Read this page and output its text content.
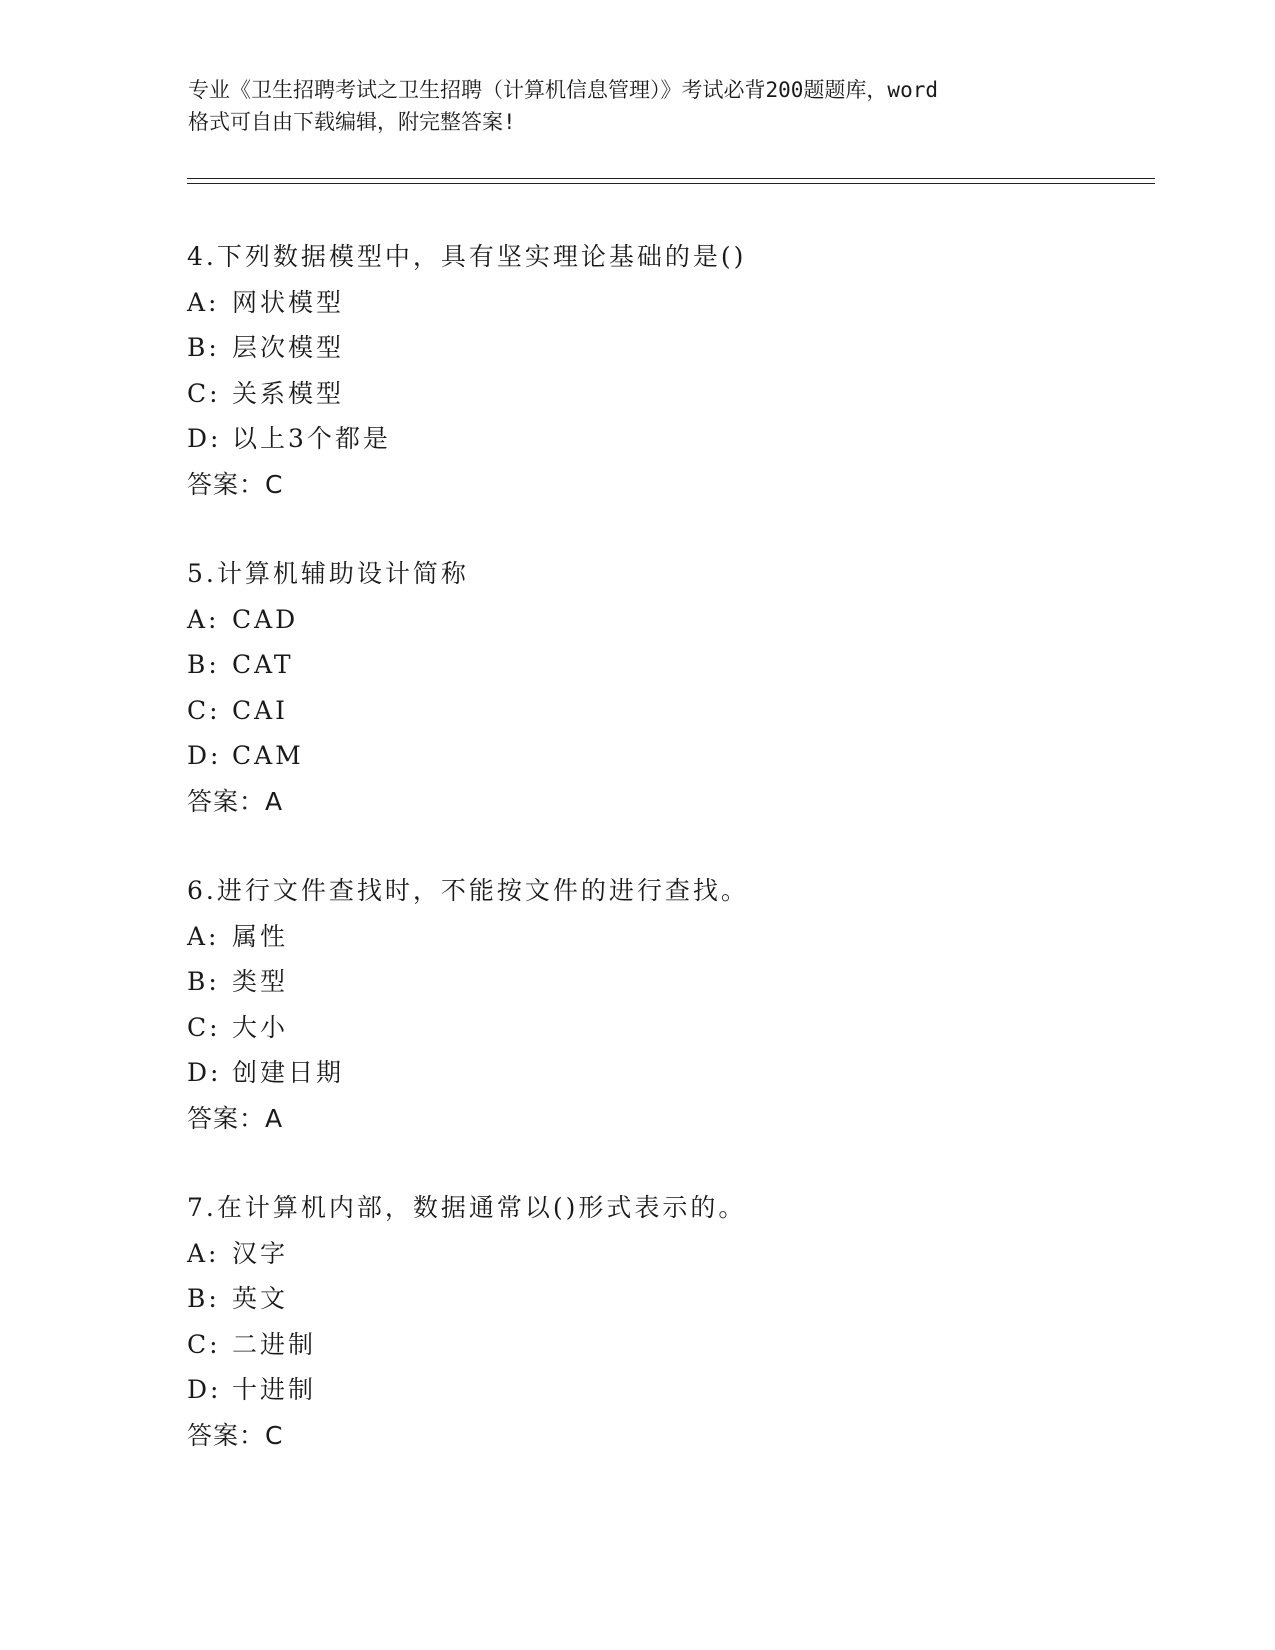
专业《卫生招聘考试之卫生招聘（计算机信息管理）》考试必背200题题库，word
格式可自由下载编辑，附完整答案!
4.下列数据模型中，具有坚实理论基础的是()
A: 网状模型
B: 层次模型
C: 关系模型
D: 以上3个都是
答案：C
5.计算机辅助设计简称
A: CAD
B: CAT
C: CAI
D: CAM
答案：A
6.进行文件查找时，不能按文件的进行查找。
A: 属性
B: 类型
C: 大小
D: 创建日期
答案：A
7.在计算机内部，数据通常以()形式表示的。
A: 汉字
B: 英文
C: 二进制
D: 十进制
答案：C
